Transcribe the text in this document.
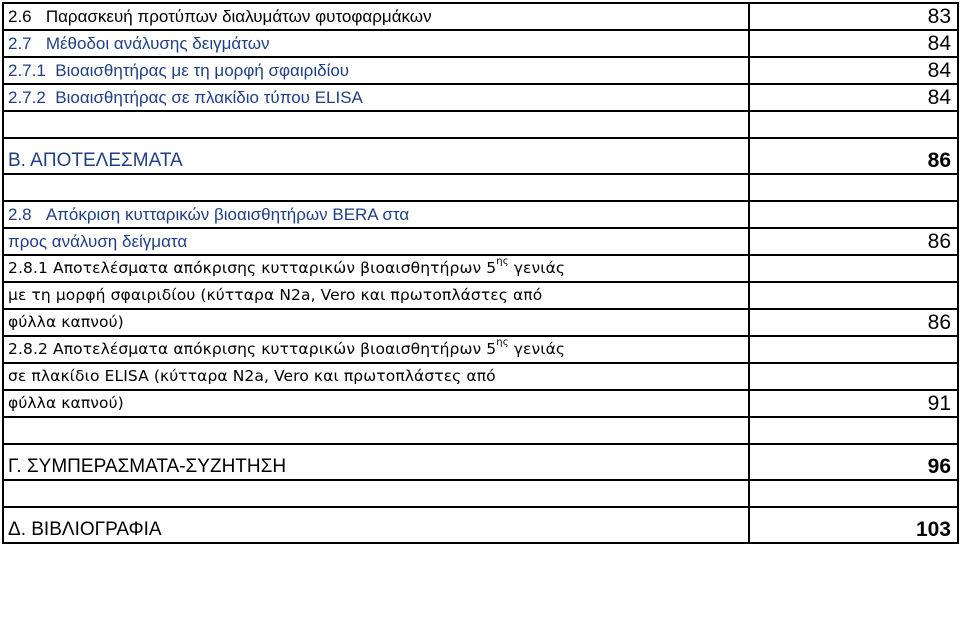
2.6 Παρασκευή προτύπων διαλυμάτων φυτοφαρμάκων	83
2.7 Μέθοδοι ανάλυσης δειγμάτων	84
2.7.1 Βιοαισθητήρας με τη μορφή σφαιριδίου	84
2.7.2 Βιοαισθητήρας σε πλακίδιο τύπου ELISA	84

Β. ΑΠΟΤΕΛΕΣΜΑΤΑ	86

2.8 Απόκριση κυτταρικών βιοαισθητήρων BERA στα	
προς ανάλυση δείγματα	86
2.8.1 Αποτελέσματα απόκρισης κυτταρικών βιοαισθητήρων $5^{\eta\varsigma}$ γενιάς	
με τη μορφή σφαιριδίου (κύτταρα N2a, Vero και πρωτοπλάστες από	
φύλλα καπνού)	86
2.8.2 Αποτελέσματα απόκρισης κυτταρικών βιοαισθητήρων $5^{\eta\varsigma}$ γενιάς	
σε πλακίδιο ELISA (κύτταρα N2a, Vero και πρωτοπλάστες από	
φύλλα καπνού)	91

Γ. ΣΥΜΠΕΡΑΣΜΑΤΑ-ΣΥΖΗΤΗΣΗ	96

Δ. ΒΙΒΛΙΟΓΡΑΦΙΑ	103
